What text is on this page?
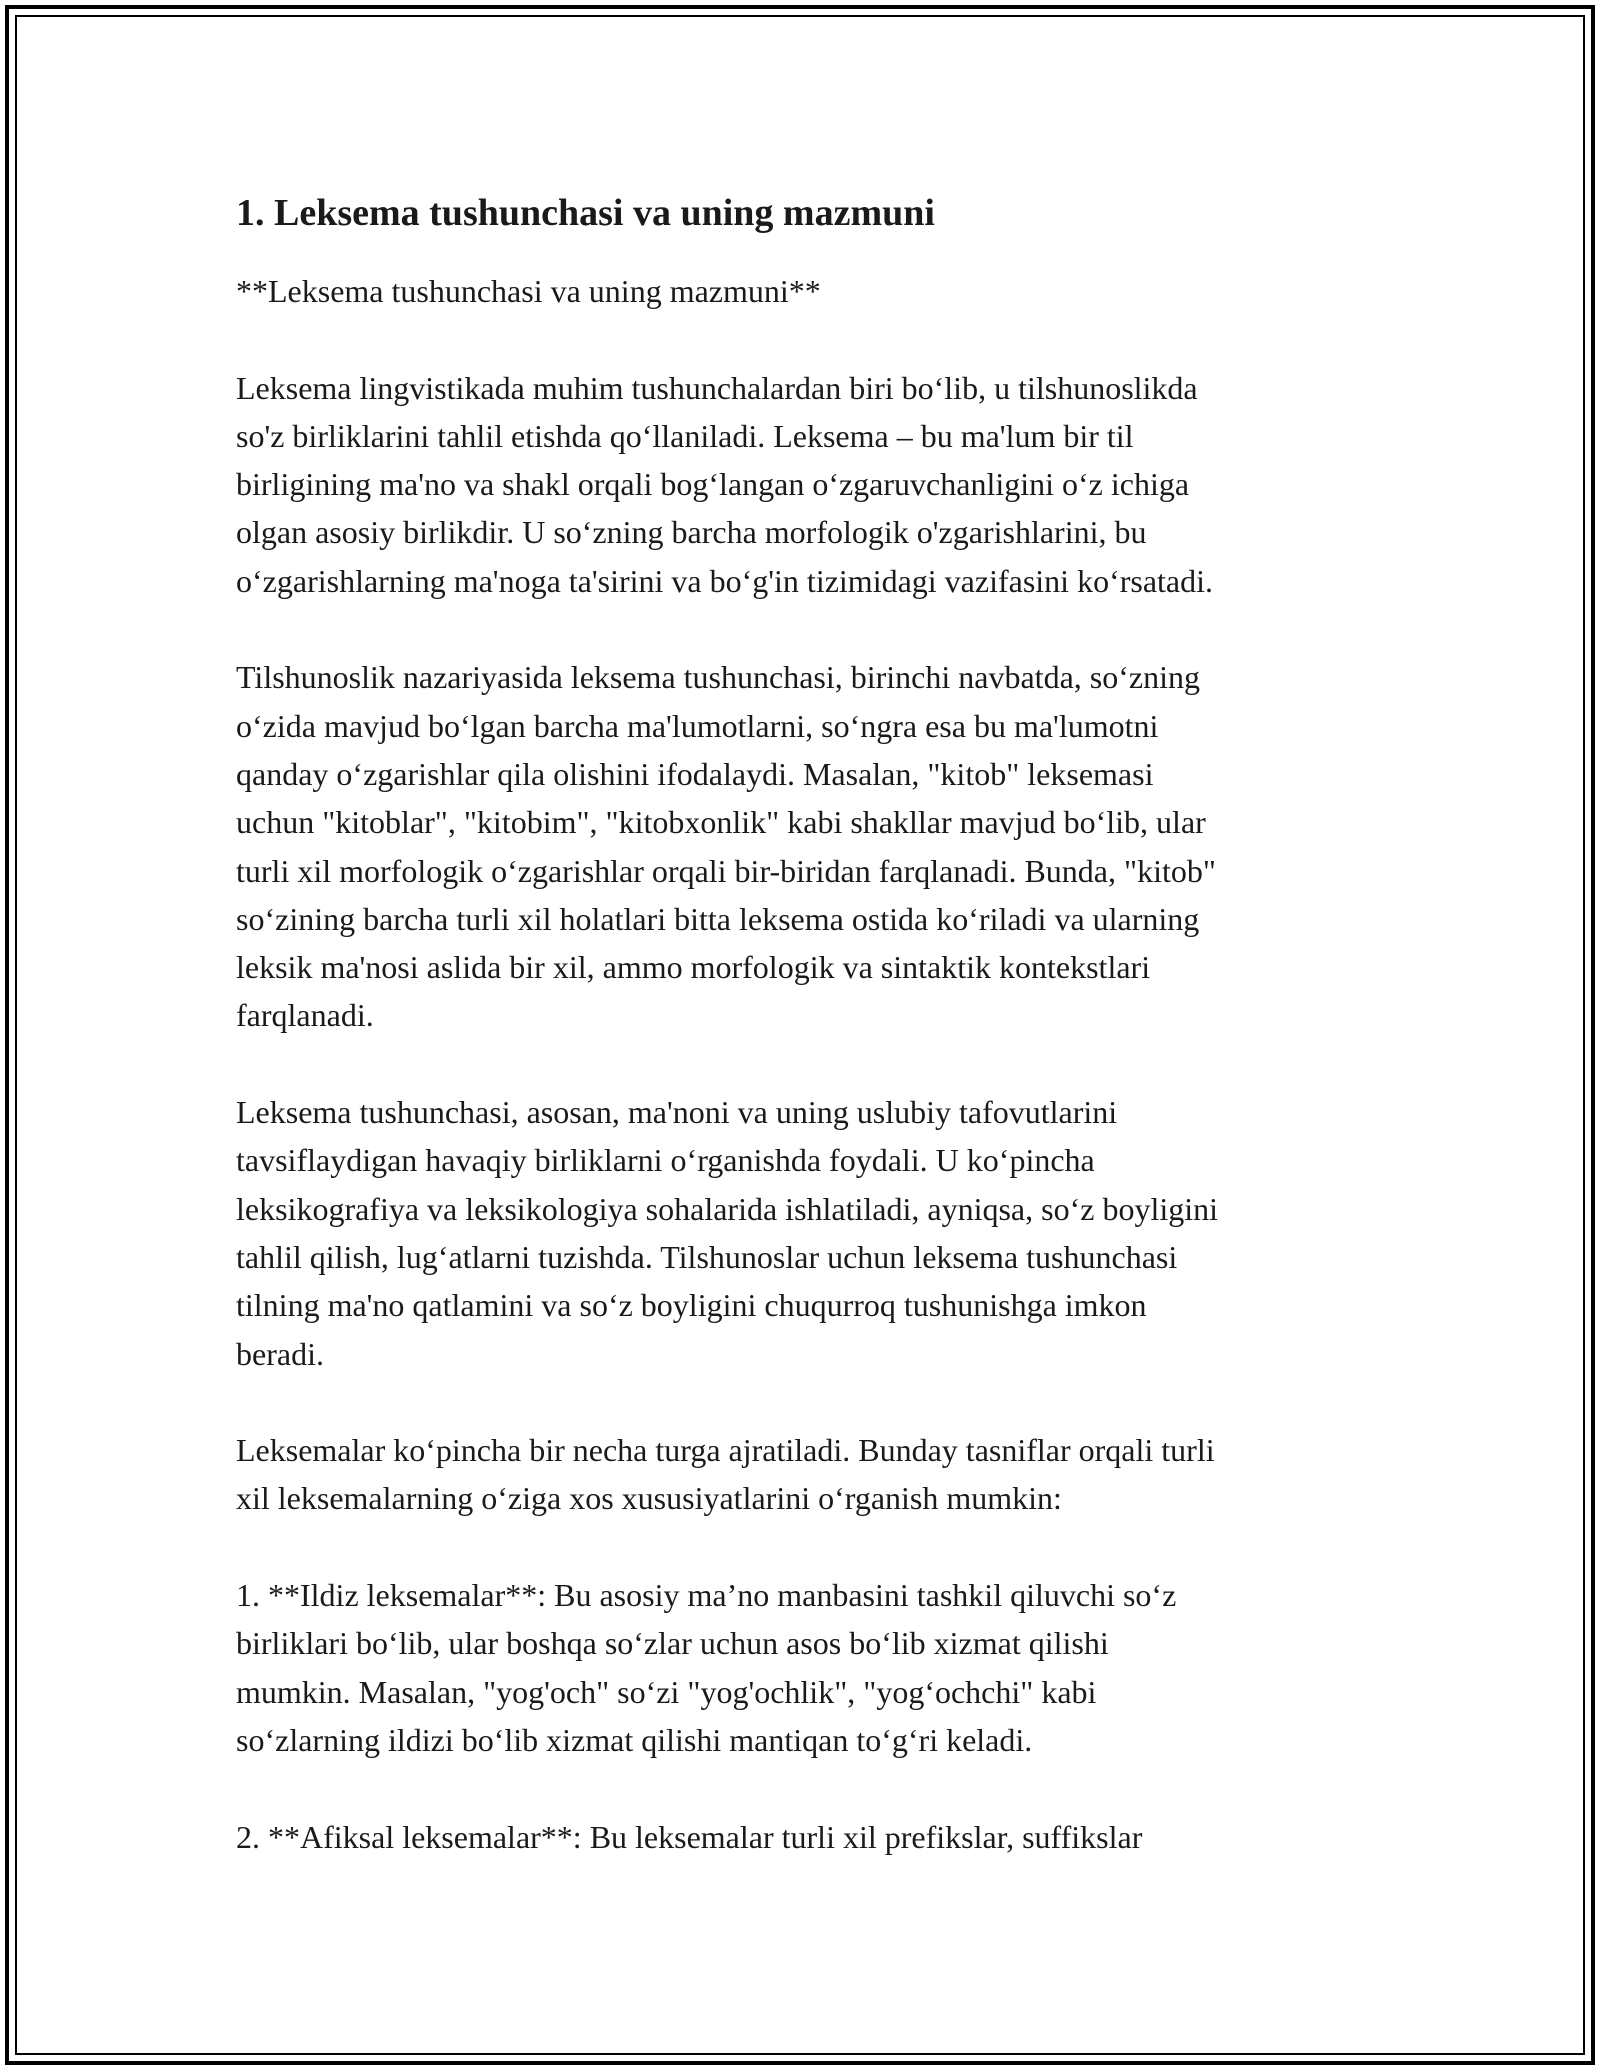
1. Leksema tushunchasi va uning mazmuni
**Leksema tushunchasi va uning mazmuni**
Leksema lingvistikada muhim tushunchalardan biri bo‘lib, u tilshunoslikda
so'z birliklarini tahlil etishda qo‘llaniladi. Leksema – bu ma'lum bir til
birligining ma'no va shakl orqali bog‘langan o‘zgaruvchanligini o‘z ichiga
olgan asosiy birlikdir. U so‘zning barcha morfologik o'zgarishlarini, bu
o‘zgarishlarning ma'noga ta'sirini va bo‘g'in tizimidagi vazifasini ko‘rsatadi.
Tilshunoslik nazariyasida leksema tushunchasi, birinchi navbatda, so‘zning
o‘zida mavjud bo‘lgan barcha ma'lumotlarni, so‘ngra esa bu ma'lumotni
qanday o‘zgarishlar qila olishini ifodalaydi. Masalan, "kitob" leksemasi
uchun "kitoblar", "kitobim", "kitobxonlik" kabi shakllar mavjud bo‘lib, ular
turli xil morfologik o‘zgarishlar orqali bir-biridan farqlanadi. Bunda, "kitob"
so‘zining barcha turli xil holatlari bitta leksema ostida ko‘riladi va ularning
leksik ma'nosi aslida bir xil, ammo morfologik va sintaktik kontekstlari
farqlanadi.
Leksema tushunchasi, asosan, ma'noni va uning uslubiy tafovutlarini
tavsiflaydigan havaqiy birliklarni o‘rganishda foydali. U ko‘pincha
leksikografiya va leksikologiya sohalarida ishlatiladi, ayniqsa, so‘z boyligini
tahlil qilish, lug‘atlarni tuzishda. Tilshunoslar uchun leksema tushunchasi
tilning ma'no qatlamini va so‘z boyligini chuqurroq tushunishga imkon
beradi.
Leksemalar ko‘pincha bir necha turga ajratiladi. Bunday tasniflar orqali turli
xil leksemalarning o‘ziga xos xususiyatlarini o‘rganish mumkin:
1. **Ildiz leksemalar**: Bu asosiy ma’no manbasini tashkil qiluvchi so‘z
birliklari bo‘lib, ular boshqa so‘zlar uchun asos bo‘lib xizmat qilishi
mumkin. Masalan, "yog'och" so‘zi "yog'ochlik", "yog‘ochchi" kabi
so‘zlarning ildizi bo‘lib xizmat qilishi mantiqan to‘g‘ri keladi.
2. **Afiksal leksemalar**: Bu leksemalar turli xil prefikslar, suffikslar
